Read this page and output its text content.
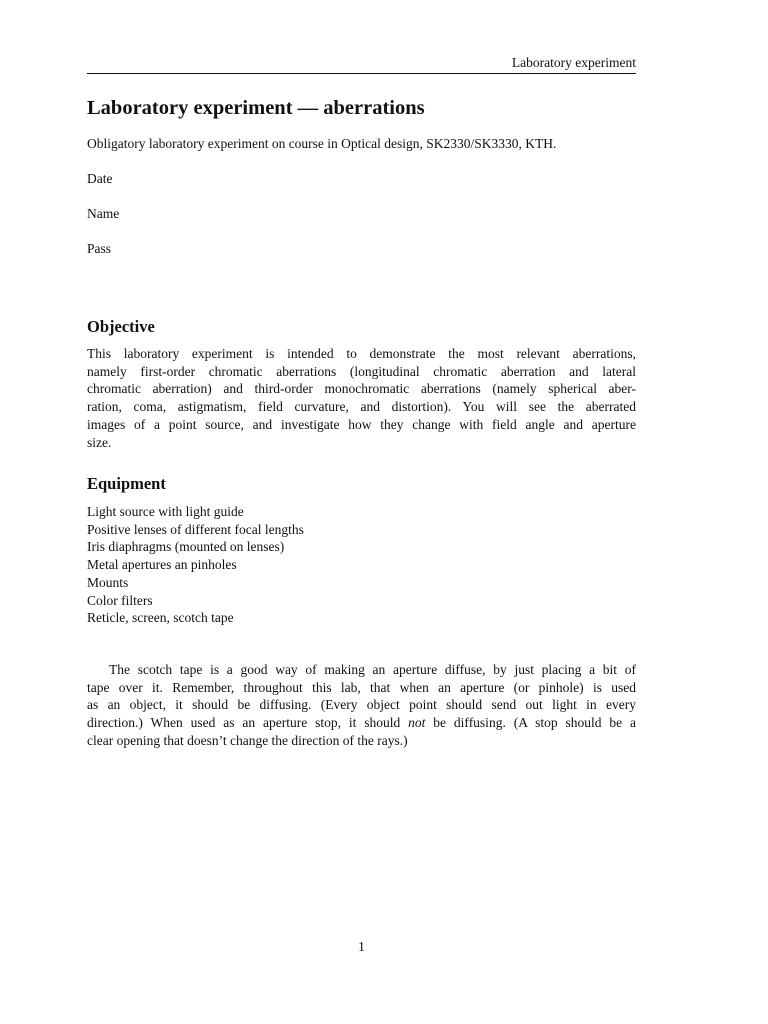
Laboratory experiment
Laboratory experiment — aberrations
Obligatory laboratory experiment on course in Optical design, SK2330/SK3330, KTH.
Date
Name
Pass
Objective
This laboratory experiment is intended to demonstrate the most relevant aberrations,
namely first-order chromatic aberrations (longitudinal chromatic aberration and lateral
chromatic aberration) and third-order monochromatic aberrations (namely spherical aber-
ration, coma, astigmatism, field curvature, and distortion). You will see the aberrated
images of a point source, and investigate how they change with field angle and aperture
size.
Equipment
Light source with light guide
Positive lenses of different focal lengths
Iris diaphragms (mounted on lenses)
Metal apertures an pinholes
Mounts
Color filters
Reticle, screen, scotch tape
The scotch tape is a good way of making an aperture diffuse, by just placing a bit of
tape over it. Remember, throughout this lab, that when an aperture (or pinhole) is used
as an object, it should be diffusing. (Every object point should send out light in every
direction.) When used as an aperture stop, it should not be diffusing. (A stop should be a
clear opening that doesn’t change the direction of the rays.)
1
